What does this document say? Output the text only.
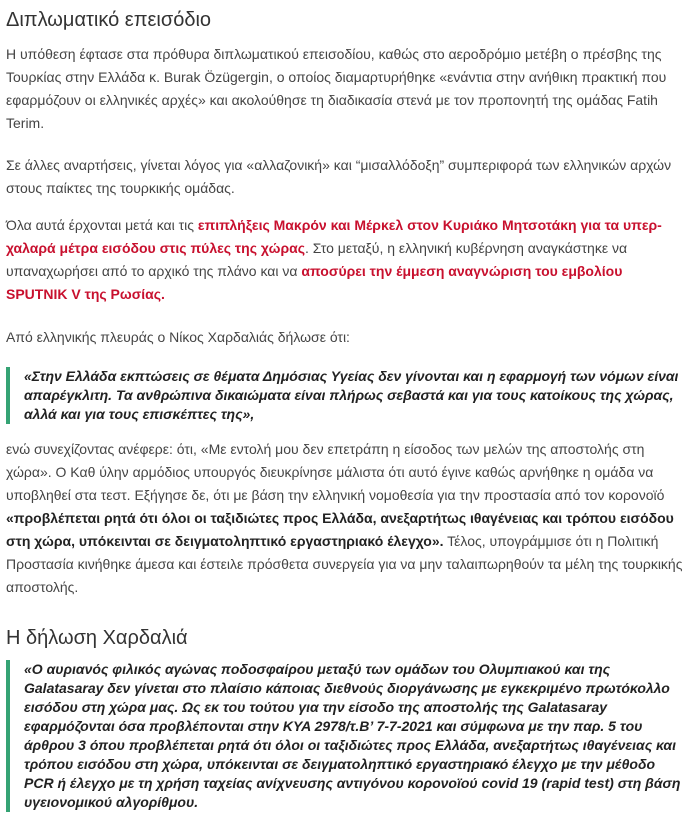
Διπλωματικό επεισόδιο

Η υπόθεση έφτασε στα πρόθυρα διπλωματικού επεισοδίου, καθώς στο αεροδρόμιο μετέβη ο πρέσβης της Τουρκίας στην Ελλάδα κ. Burak Özügergin, ο οποίος διαμαρτυρήθηκε «ενάντια στην ανήθικη πρακτική που εφαρμόζουν οι ελληνικές αρχές» και ακολούθησε τη διαδικασία στενά με τον προπονητή της ομάδας Fatih Terim.

Σε άλλες αναρτήσεις, γίνεται λόγος για «αλλαζονική» και “μισαλλόδοξη” συμπεριφορά των ελληνικών αρχών στους παίκτες της τουρκικής ομάδας.

Όλα αυτά έρχονται μετά και τις επιπλήξεις Μακρόν και Μέρκελ στον Κυριάκο Μητσοτάκη για τα υπερ-χαλαρά μέτρα εισόδου στις πύλες της χώρας. Στο μεταξύ, η ελληνική κυβέρνηση αναγκάστηκε να υπαναχωρήσει από το αρχικό της πλάνο και να αποσύρει την έμμεση αναγνώριση του εμβολίου SPUTNIK V της Ρωσίας.

Από ελληνικής πλευράς ο Νίκος Χαρδαλιάς δήλωσε ότι:

«Στην Ελλάδα εκπτώσεις σε θέματα Δημόσιας Υγείας δεν γίνονται και η εφαρμογή των νόμων είναι απαρέγκλιτη. Τα ανθρώπινα δικαιώματα είναι πλήρως σεβαστά και για τους κατοίκους της χώρας, αλλά και για τους επισκέπτες της»,

ενώ συνεχίζοντας ανέφερε: ότι, «Με εντολή μου δεν επετράπη η είσοδος των μελών της αποστολής στη χώρα». Ο Καθ ύλην αρμόδιος υπουργός διευκρίνησε μάλιστα ότι αυτό έγινε καθώς αρνήθηκε η ομάδα να υποβληθεί στα τεστ. Εξήγησε δε, ότι με βάση την ελληνική νομοθεσία για την προστασία από τον κορονοϊό «προβλέπεται ρητά ότι όλοι οι ταξιδιώτες προς Ελλάδα, ανεξαρτήτως ιθαγένειας και τρόπου εισόδου στη χώρα, υπόκεινται σε δειγματοληπτικό εργαστηριακό έλεγχο». Τέλος, υπογράμμισε ότι η Πολιτική Προστασία κινήθηκε άμεσα και έστειλε πρόσθετα συνεργεία για να μην ταλαιπωρηθούν τα μέλη της τουρκικής αποστολής.

Η δήλωση Χαρδαλιά

«Ο αυριανός φιλικός αγώνας ποδοσφαίρου μεταξύ των ομάδων του Ολυμπιακού και της Galatasaray δεν γίνεται στο πλαίσιο κάποιας διεθνούς διοργάνωσης με εγκεκριμένο πρωτόκολλο εισόδου στη χώρα μας. Ως εκ του τούτου για την είσοδο της αποστολής της Galatasaray εφαρμόζονται όσα προβλέπονται στην ΚΥΑ 2978/τ.Β’ 7-7-2021 και σύμφωνα με την παρ. 5 του άρθρου 3 όπου προβλέπεται ρητά ότι όλοι οι ταξιδιώτες προς Ελλάδα, ανεξαρτήτως ιθαγένειας και τρόπου εισόδου στη χώρα, υπόκεινται σε δειγματοληπτικό εργαστηριακό έλεγχο με την μέθοδο PCR ή έλεγχο με τη χρήση ταχείας ανίχνευσης αντιγόνου κορονοϊού covid 19 (rapid test) στη βάση υγειονομικού αλγορίθμου.
